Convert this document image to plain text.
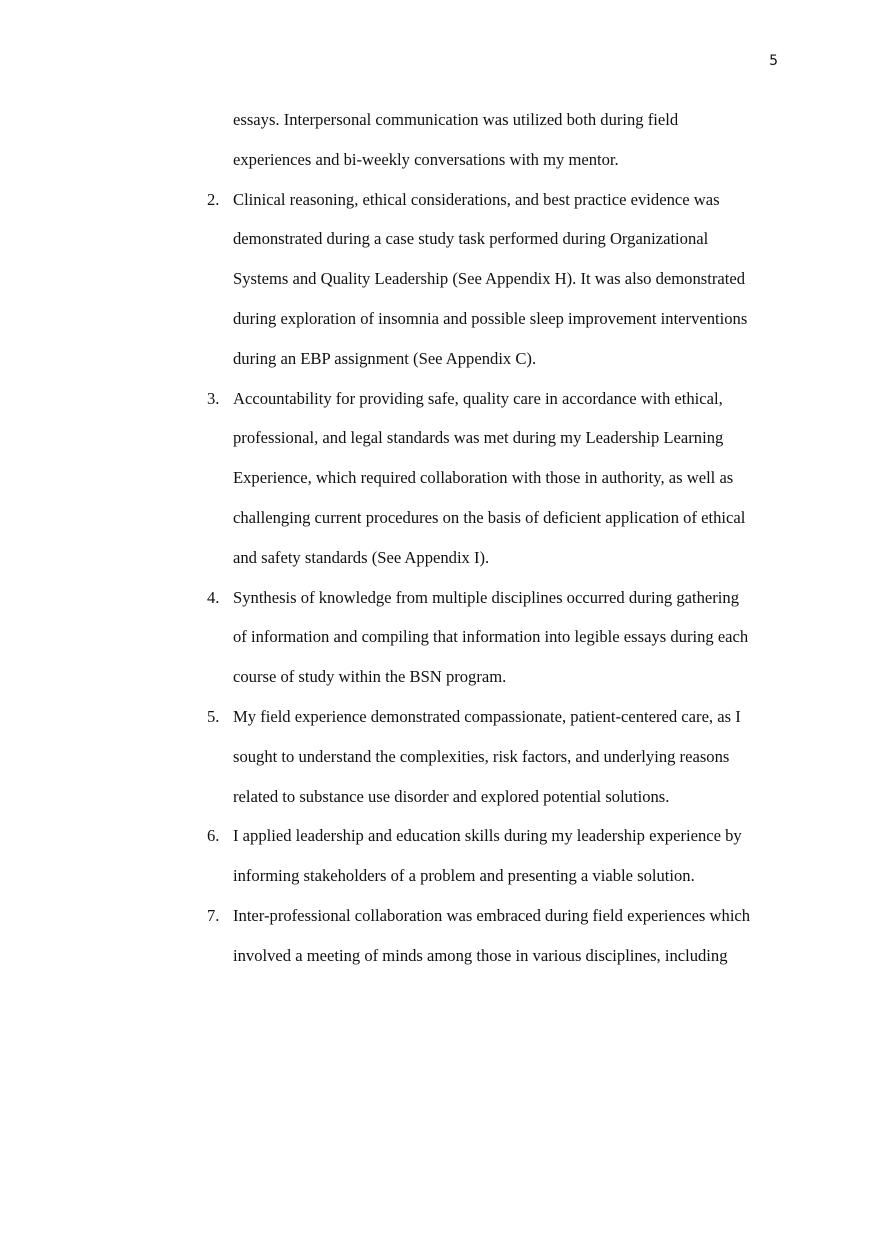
5
essays. Interpersonal communication was utilized both during field
experiences and bi-weekly conversations with my mentor.
2. Clinical reasoning, ethical considerations, and best practice evidence was
demonstrated during a case study task performed during Organizational
Systems and Quality Leadership (See Appendix H). It was also demonstrated
during exploration of insomnia and possible sleep improvement interventions
during an EBP assignment (See Appendix C).
3. Accountability for providing safe, quality care in accordance with ethical,
professional, and legal standards was met during my Leadership Learning
Experience, which required collaboration with those in authority, as well as
challenging current procedures on the basis of deficient application of ethical
and safety standards (See Appendix I).
4. Synthesis of knowledge from multiple disciplines occurred during gathering
of information and compiling that information into legible essays during each
course of study within the BSN program.
5. My field experience demonstrated compassionate, patient-centered care, as I
sought to understand the complexities, risk factors, and underlying reasons
related to substance use disorder and explored potential solutions.
6. I applied leadership and education skills during my leadership experience by
informing stakeholders of a problem and presenting a viable solution.
7. Inter-professional collaboration was embraced during field experiences which
involved a meeting of minds among those in various disciplines, including
